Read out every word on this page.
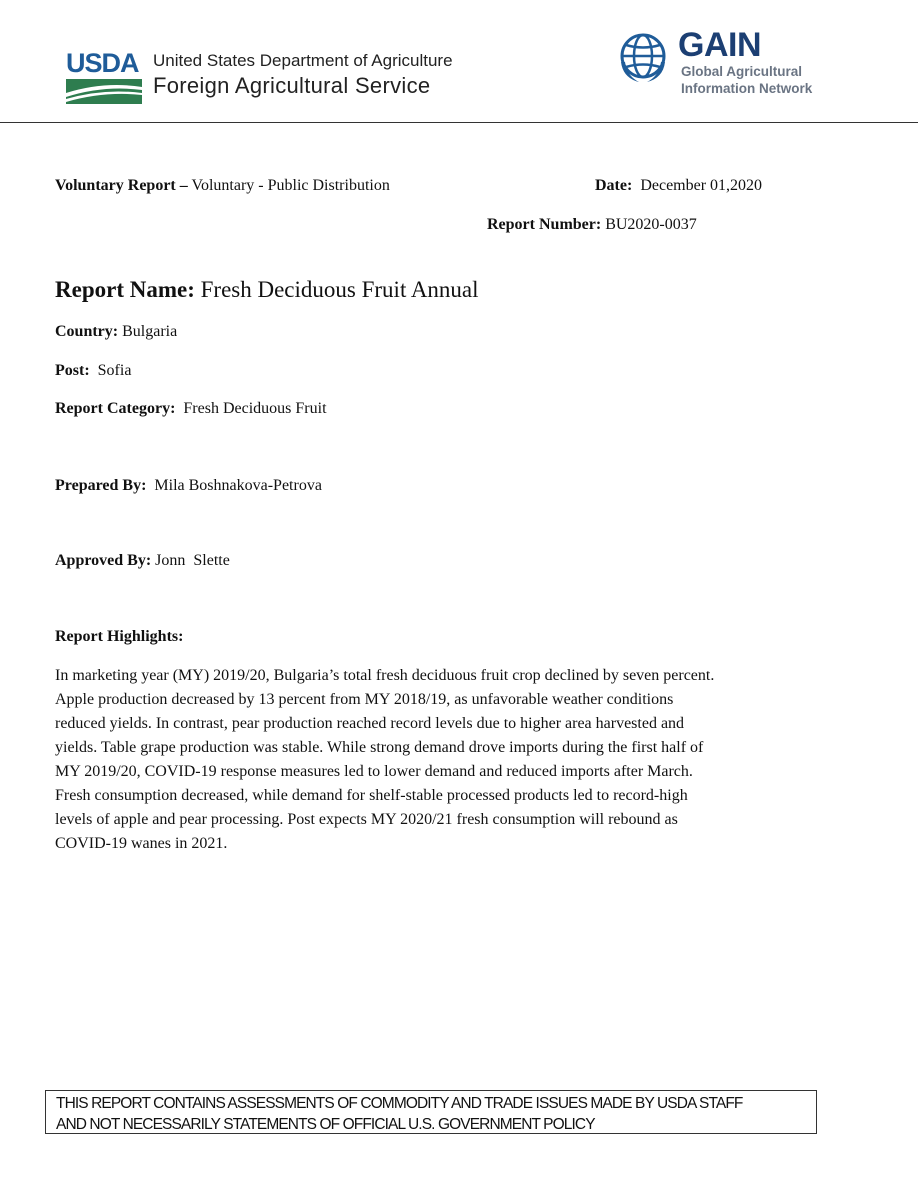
USDA United States Department of Agriculture
Foreign Agricultural Service
GAIN
Global Agricultural
Information Network
Voluntary Report – Voluntary - Public Distribution	Date: December 01,2020
Report Number: BU2020-0037
Report Name: Fresh Deciduous Fruit Annual
Country: Bulgaria
Post: Sofia
Report Category: Fresh Deciduous Fruit
Prepared By: Mila Boshnakova-Petrova
Approved By: Jonn  Slette
Report Highlights:
In marketing year (MY) 2019/20, Bulgaria’s total fresh deciduous fruit crop declined by seven percent.
Apple production decreased by 13 percent from MY 2018/19, as unfavorable weather conditions
reduced yields. In contrast, pear production reached record levels due to higher area harvested and
yields. Table grape production was stable. While strong demand drove imports during the first half of
MY 2019/20, COVID-19 response measures led to lower demand and reduced imports after March.
Fresh consumption decreased, while demand for shelf-stable processed products led to record-high
levels of apple and pear processing. Post expects MY 2020/21 fresh consumption will rebound as
COVID-19 wanes in 2021.
THIS REPORT CONTAINS ASSESSMENTS OF COMMODITY AND TRADE ISSUES MADE BY USDA STAFF
AND NOT NECESSARILY STATEMENTS OF OFFICIAL U.S. GOVERNMENT POLICY
